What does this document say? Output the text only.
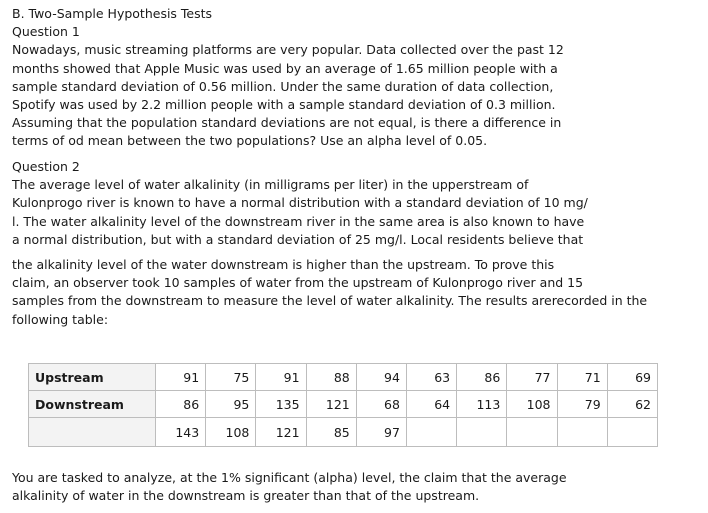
B. Two-Sample Hypothesis Tests
Question 1
Nowadays, music streaming platforms are very popular. Data collected over the past 12
months showed that Apple Music was used by an average of 1.65 million people with a
sample standard deviation of 0.56 million. Under the same duration of data collection,
Spotify was used by 2.2 million people with a sample standard deviation of 0.3 million.
Assuming that the population standard deviations are not equal, is there a difference in
terms of od mean between the two populations? Use an alpha level of 0.05.
Question 2
The average level of water alkalinity (in milligrams per liter) in the upperstream of
Kulonprogo river is known to have a normal distribution with a standard deviation of 10 mg/
l. The water alkalinity level of the downstream river in the same area is also known to have
a normal distribution, but with a standard deviation of 25 mg/l. Local residents believe that
the alkalinity level of the water downstream is higher than the upstream. To prove this
claim, an observer took 10 samples of water from the upstream of Kulonprogo river and 15
samples from the downstream to measure the level of water alkalinity. The results arerecorded in the
following table:
Upstream	91	75	91	88	94	63	86	77	71	69
Downstream	86	95	135	121	68	64	113	108	79	62
	143	108	121	85	97					
You are tasked to analyze, at the 1% significant (alpha) level, the claim that the average
alkalinity of water in the downstream is greater than that of the upstream.
